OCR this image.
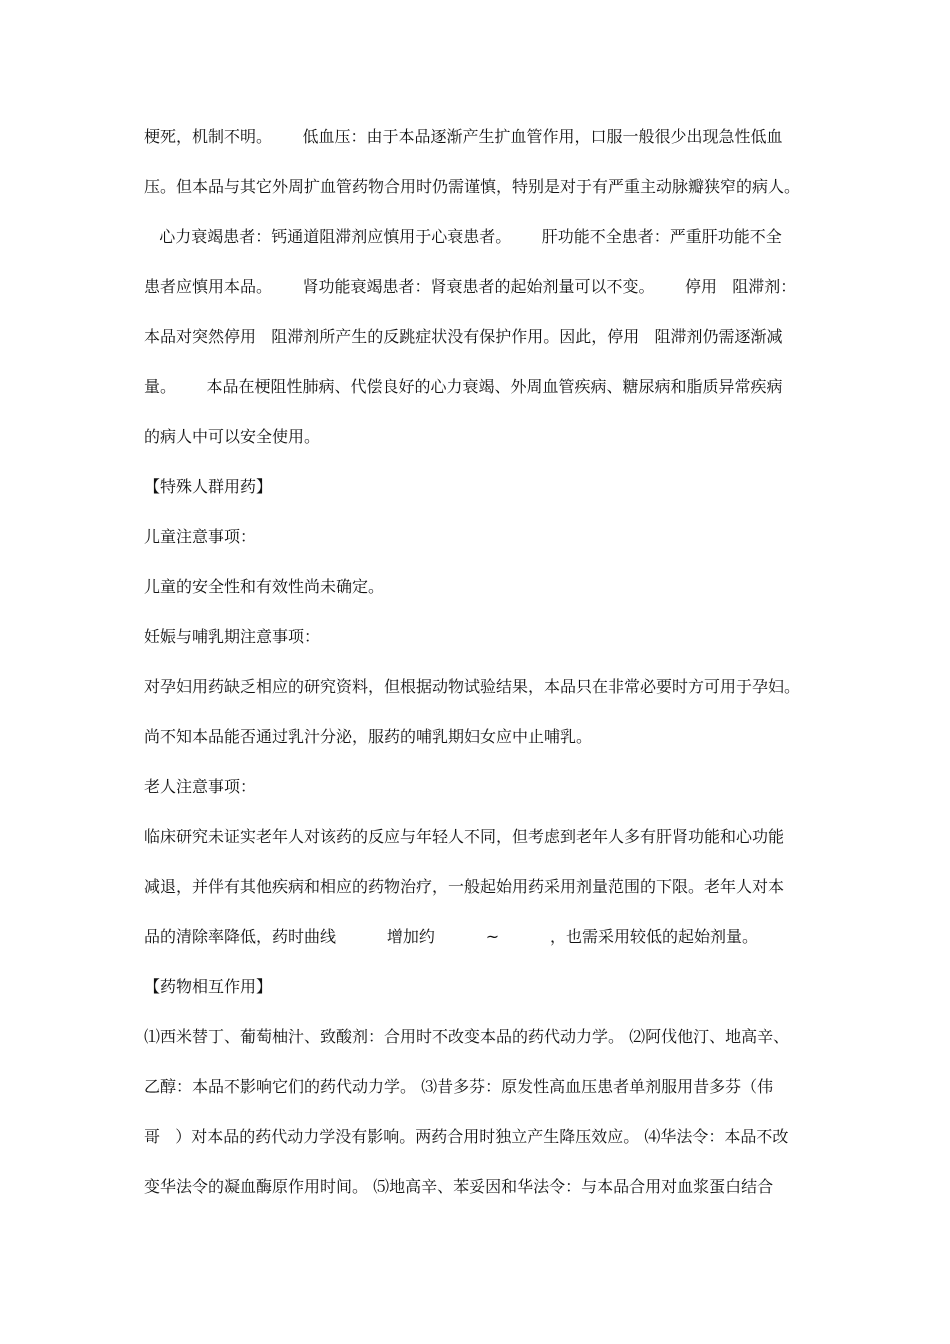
梗死，机制不明。      低血压：由于本品逐渐产生扩血管作用，口服一般很少出现急性低血
压。但本品与其它外周扩血管药物合用时仍需谨慎，特别是对于有严重主动脉瓣狭窄的病人。
心力衰竭患者：钙通道阻滞剂应慎用于心衰患者。      肝功能不全患者：严重肝功能不全
患者应慎用本品。      肾功能衰竭患者：肾衰患者的起始剂量可以不变。      停用   阻滞剂：
本品对突然停用   阻滞剂所产生的反跳症状没有保护作用。因此，停用   阻滞剂仍需逐渐减
量。      本品在梗阻性肺病、代偿良好的心力衰竭、外周血管疾病、糖尿病和脂质异常疾病
的病人中可以安全使用。
【特殊人群用药】
儿童注意事项：
儿童的安全性和有效性尚未确定。
妊娠与哺乳期注意事项：
对孕妇用药缺乏相应的研究资料，但根据动物试验结果，本品只在非常必要时方可用于孕妇。
尚不知本品能否通过乳汁分泌，服药的哺乳期妇女应中止哺乳。
老人注意事项：
临床研究未证实老年人对该药的反应与年轻人不同，但考虑到老年人多有肝肾功能和心功能
减退，并伴有其他疾病和相应的药物治疗，一般起始用药采用剂量范围的下限。老年人对本
品的清除率降低，药时曲线          增加约          ~          ，也需采用较低的起始剂量。
【药物相互作用】
⑴西米替丁、葡萄柚汁、致酸剂：合用时不改变本品的药代动力学。 ⑵阿伐他汀、地高辛、
乙醇：本品不影响它们的药代动力学。 ⑶昔多芬：原发性高血压患者单剂服用昔多芬（伟
哥   ）对本品的药代动力学没有影响。两药合用时独立产生降压效应。 ⑷华法令：本品不改
变华法令的凝血酶原作用时间。 ⑸地高辛、苯妥因和华法令：与本品合用对血浆蛋白结合
